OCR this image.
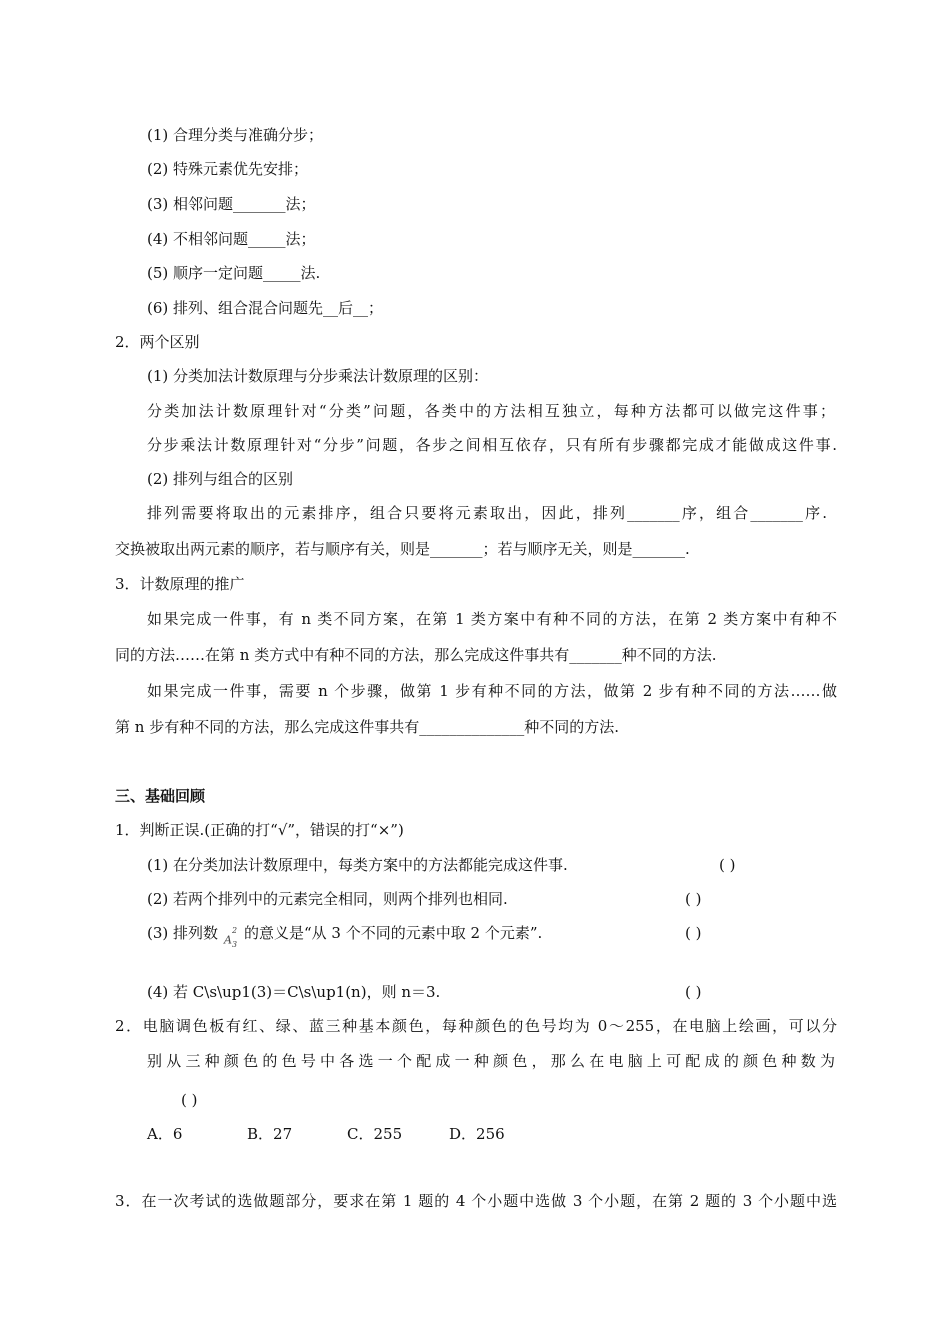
(1) 合理分类与准确分步；
(2) 特殊元素优先安排；
(3) 相邻问题_______法；
(4) 不相邻问题_____法；
(5) 顺序一定问题_____法.
(6) 排列、组合混合问题先__后__；
2．两个区别
(1) 分类加法计数原理与分步乘法计数原理的区别：
分类加法计数原理针对“分类”问题，各类中的方法相互独立，每种方法都可以做完这件事；
分步乘法计数原理针对“分步”问题，各步之间相互依存，只有所有步骤都完成才能做成这件事.
(2) 排列与组合的区别
排列需要将取出的元素排序，组合只要将元素取出，因此，排列_______序，组合_______序.
交换被取出两元素的顺序，若与顺序有关，则是_______；若与顺序无关，则是_______.
3．计数原理的推广
如果完成一件事，有 n 类不同方案，在第 1 类方案中有种不同的方法，在第 2 类方案中有种不
同的方法……在第 n 类方式中有种不同的方法，那么完成这件事共有_______种不同的方法.
如果完成一件事，需要 n 个步骤，做第 1 步有种不同的方法，做第 2 步有种不同的方法……做
第 n 步有种不同的方法，那么完成这件事共有______________种不同的方法.
三、基础回顾
1．判断正误.(正确的打“√”，错误的打“×”)
(1) 在分类加法计数原理中，每类方案中的方法都能完成这件事.	( )
(2) 若两个排列中的元素完全相同，则两个排列也相同.	( )
(3) 排列数 $A_3^2$ 的意义是“从 3 个不同的元素中取 2 个元素”.	( )
(4) 若 C\s\up1(3)＝C\s\up1(n)，则 n＝3.	( )
2．电脑调色板有红、绿、蓝三种基本颜色，每种颜色的色号均为 0～255，在电脑上绘画，可以分
别从三种颜色的色号中各选一个配成一种颜色，那么在电脑上可配成的颜色种数为
( )
A．6	B．27	C．255	D．256
3．在一次考试的选做题部分，要求在第 1 题的 4 个小题中选做 3 个小题，在第 2 题的 3 个小题中选
